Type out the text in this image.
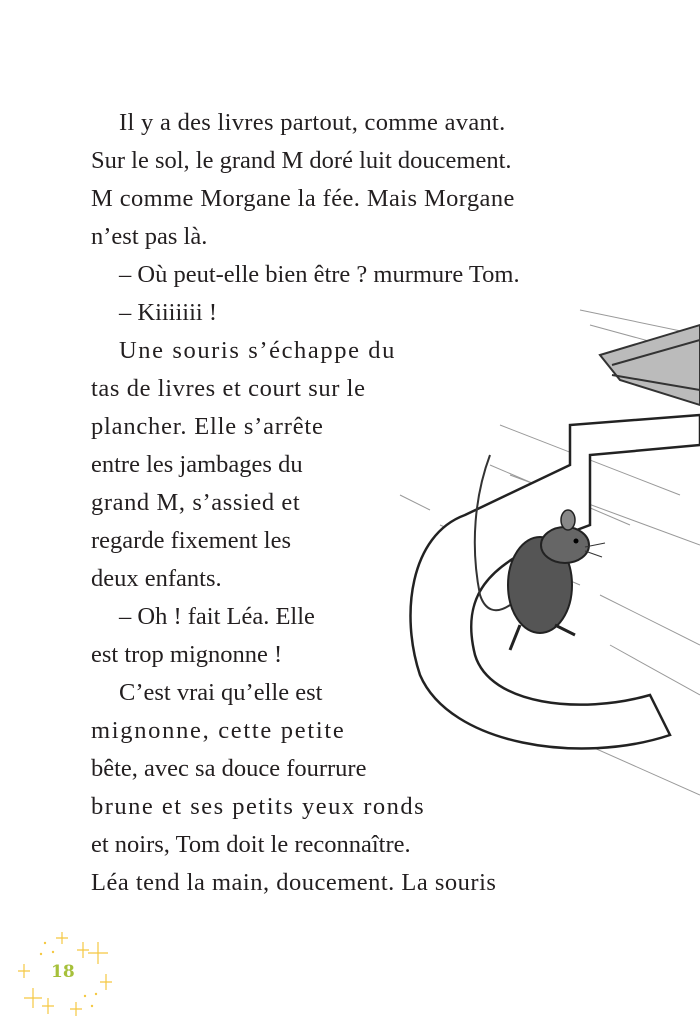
Il y a des livres partout, comme avant.
Sur le sol, le grand M doré luit doucement.
M comme Morgane la fée. Mais Morgane
n’est pas là.
– Où peut-elle bien être ? murmure Tom.
– Kiiiiiii !
Une souris s’échappe du
tas de livres et court sur le
plancher. Elle s’arrête
entre les jambages du
grand M, s’assied et
regarde fixement les
deux enfants.
– Oh ! fait Léa. Elle
est trop mignonne !
C’est vrai qu’elle est
mignonne, cette petite
bête, avec sa douce fourrure
brune et ses petits yeux ronds
et noirs, Tom doit le reconnaître.
Léa tend la main, doucement. La souris
18
